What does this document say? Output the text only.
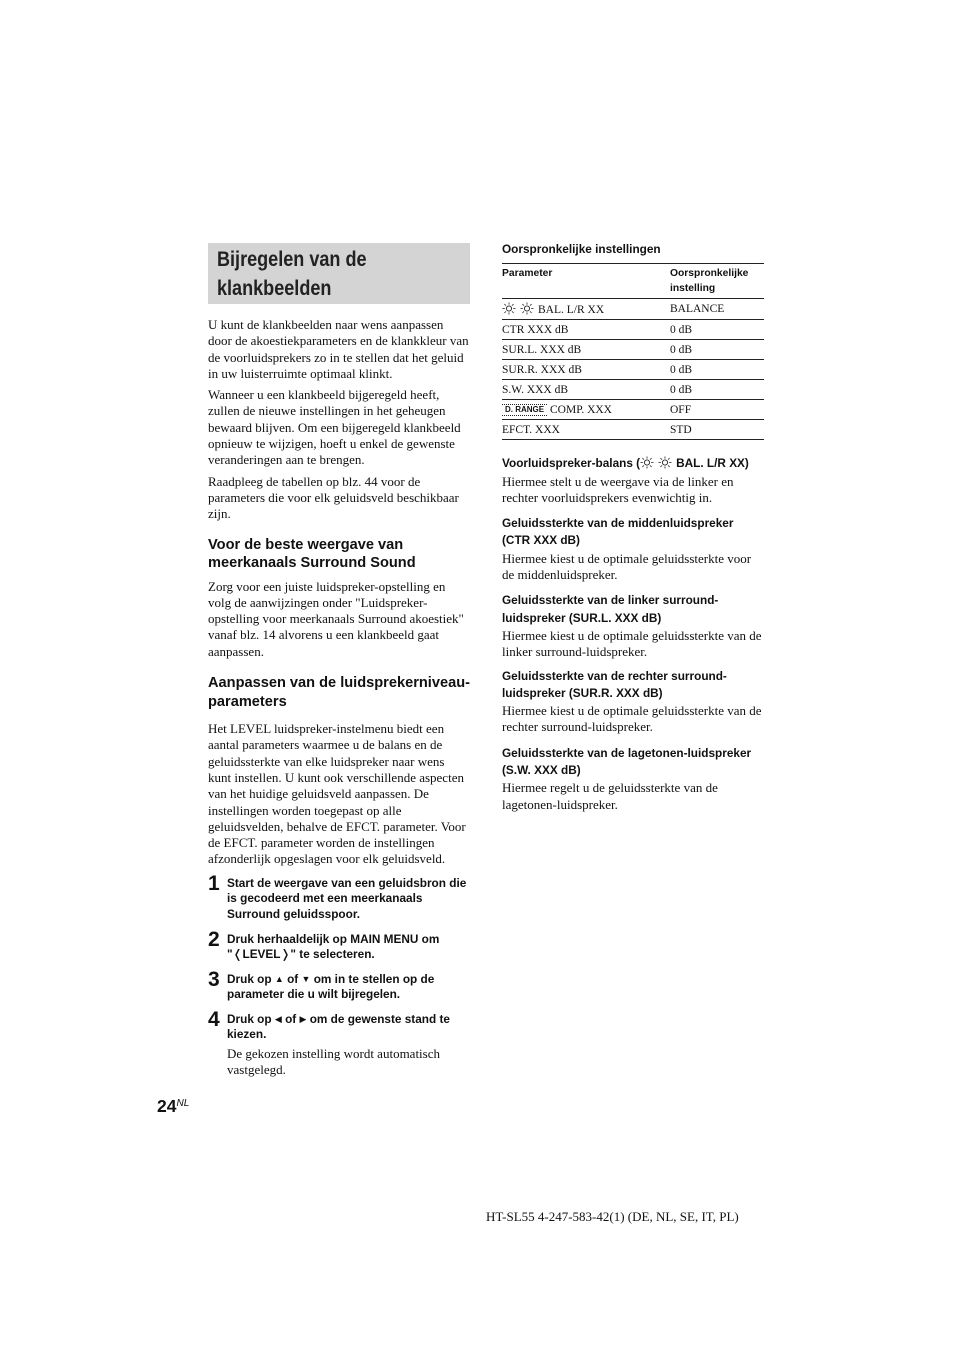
Bijregelen van de
klankbeelden

U kunt de klankbeelden naar wens aanpassen door de akoestiekparameters en de klankkleur van de voorluidsprekers zo in te stellen dat het geluid in uw luisterruimte optimaal klinkt.

Wanneer u een klankbeeld bijgeregeld heeft, zullen de nieuwe instellingen in het geheugen bewaard blijven. Om een bijgeregeld klankbeeld opnieuw te wijzigen, hoeft u enkel de gewenste veranderingen aan te brengen.

Raadpleeg de tabellen op blz. 44 voor de parameters die voor elk geluidsveld beschikbaar zijn.

Voor de beste weergave van meerkanaals Surround Sound

Zorg voor een juiste luidspreker-opstelling en volg de aanwijzingen onder "Luidspreker-opstelling voor meerkanaals Surround akoestiek" vanaf blz. 14 alvorens u een klankbeeld gaat aanpassen.

Aanpassen van de luidsprekerniveau-parameters

Het LEVEL luidspreker-instelmenu biedt een aantal parameters waarmee u de balans en de geluidssterkte van elke luidspreker naar wens kunt instellen. U kunt ook verschillende aspecten van het huidige geluidsveld aanpassen. De instellingen worden toegepast op alle geluidsvelden, behalve de EFCT. parameter. Voor de EFCT. parameter worden de instellingen afzonderlijk opgeslagen voor elk geluidsveld.

1 Start de weergave van een geluidsbron die is gecodeerd met een meerkanaals Surround geluidsspoor.
2 Druk herhaaldelijk op MAIN MENU om "❬LEVEL❭" te selecteren.
3 Druk op ▲ of ▼ om in te stellen op de parameter die u wilt bijregelen.
4 Druk op ◀ of ▶ om de gewenste stand te kiezen.

De gekozen instelling wordt automatisch vastgelegd.

Oorspronkelijke instellingen
Parameter	Oorspronkelijke instelling
BAL. L/R XX	BALANCE
CTR XXX dB	0 dB
SUR.L. XXX dB	0 dB
SUR.R. XXX dB	0 dB
S.W. XXX dB	0 dB
D. RANGE COMP. XXX	OFF
EFCT. XXX	STD
Voorluidspreker-balans (	BAL. L/R XX)

Hiermee stelt u de weergave via de linker en rechter voorluidsprekers evenwichtig in.

Geluidssterkte van de middenluidspreker (CTR XXX dB)

Hiermee kiest u de optimale geluidssterkte voor de middenluidspreker.

Geluidssterkte van de linker surround-luidspreker (SUR.L. XXX dB)

Hiermee kiest u de optimale geluidssterkte van de linker surround-luidspreker.

Geluidssterkte van de rechter surround-luidspreker (SUR.R. XXX dB)

Hiermee kiest u de optimale geluidssterkte van de rechter surround-luidspreker.

Geluidssterkte van de lagetonen-luidspreker (S.W. XXX dB)

Hiermee regelt u de geluidssterkte van de lagetonen-luidspreker.

$24^{NL}$
HT-SL55 4-247-583-42(1) (DE, NL, SE, IT, PL)
